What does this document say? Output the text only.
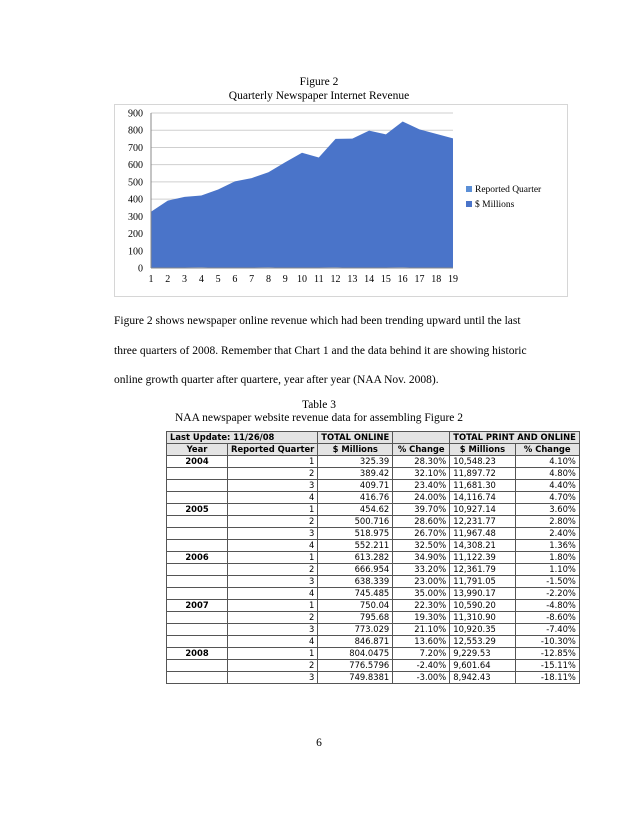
Figure 2
Quarterly Newspaper Internet Revenue
0
100
200
300
400
500
600
700
800
900
1 2 3 4 5 6 7 8 9 10 11 12 13 14 15 16 17 18 19
Reported Quarter
$ Millions
Figure 2 shows newspaper online revenue which had been trending upward until the last
three quarters of 2008. Remember that Chart 1 and the data behind it are showing historic
online growth quarter after quartere, year after year (NAA Nov. 2008).
Table 3
NAA newspaper website revenue data for assembling Figure 2
Last Update: 11/26/08		TOTAL ONLINE		TOTAL PRINT AND ONLINE	
Year	Reported Quarter	$ Millions	% Change	$ Millions	% Change
2004	1	325.39	28.30%	10,548.23	4.10%
	2	389.42	32.10%	11,897.72	4.80%
	3	409.71	23.40%	11,681.30	4.40%
	4	416.76	24.00%	14,116.74	4.70%
2005	1	454.62	39.70%	10,927.14	3.60%
	2	500.716	28.60%	12,231.77	2.80%
	3	518.975	26.70%	11,967.48	2.40%
	4	552.211	32.50%	14,308.21	1.36%
2006	1	613.282	34.90%	11,122.39	1.80%
	2	666.954	33.20%	12,361.79	1.10%
	3	638.339	23.00%	11,791.05	-1.50%
	4	745.485	35.00%	13,990.17	-2.20%
2007	1	750.04	22.30%	10,590.20	-4.80%
	2	795.68	19.30%	11,310.90	-8.60%
	3	773.029	21.10%	10,920.35	-7.40%
	4	846.871	13.60%	12,553.29	-10.30%
2008	1	804.0475	7.20%	9,229.53	-12.85%
	2	776.5796	-2.40%	9,601.64	-15.11%
	3	749.8381	-3.00%	8,942.43	-18.11%
6
